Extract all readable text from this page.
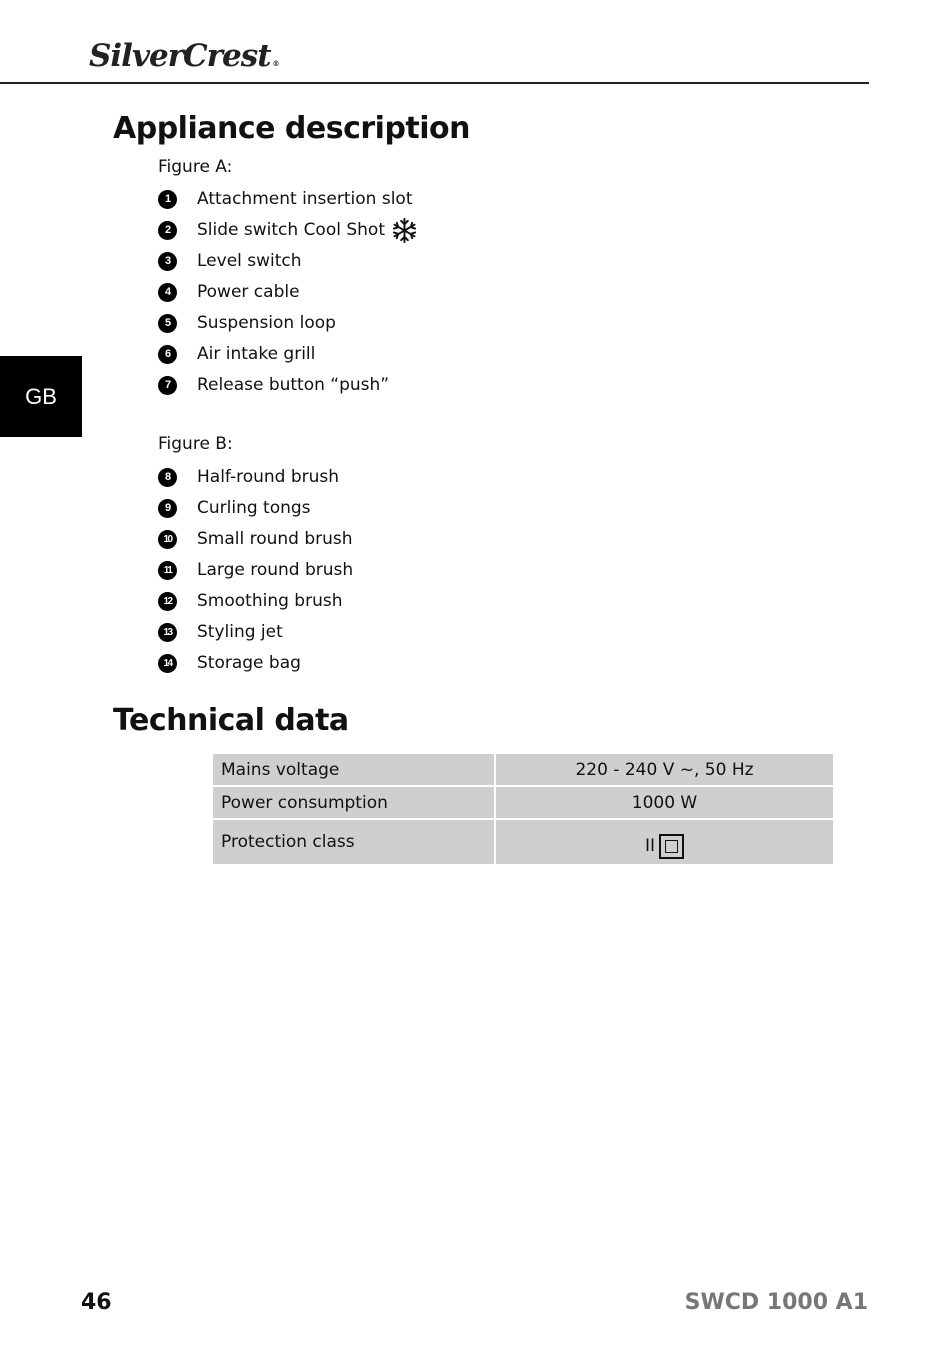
SilverCrest ®
GB
Appliance description
Figure A:
1	Attachment insertion slot
2	Slide switch Cool Shot
3	Level switch
4	Power cable
5	Suspension loop
6	Air intake grill
7	Release button “push”
Figure B:
8	Half-round brush
9	Curling tongs
10	Small round brush
11	Large round brush
12	Smoothing brush
13	Styling jet
14	Storage bag
Technical data
Mains voltage	220 - 240 V ~, 50 Hz
Power consumption	1000 W
Protection class	II
46	SWCD 1000 A1
